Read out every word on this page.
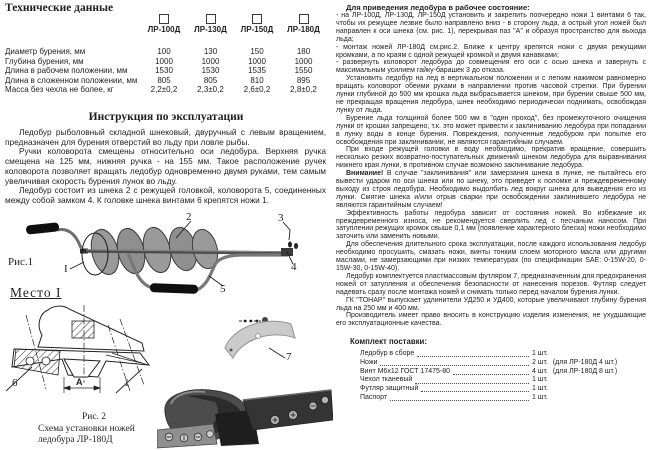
Технические данные
ЛР-100Д	ЛР-130Д	ЛР-150Д	ЛР-180Д
Диаметр бурения, мм	100	130	150	180
Глубина бурения, мм	1000	1000	1000	1000
Длина в рабочем положении, мм	1530	1530	1535	1550
Длина в сложенном положении, мм	805	805	810	895
Масса без чехла не более, кг	2,2±0,2	2,3±0,2	2,6±0,2	2,8±0,2
Инструкция по эксплуатации

Ледобур рыболовный складной шнековый, двуручный с левым вращением, предназначен для бурения отверстий во льду при ловле рыбы.

Ручки коловорота смещены относительно оси ледобура. Верхняя ручка смещена на 125 мм, нижняя ручка - на 155 мм. Такое расположение ручек коловорота позволяет вращать ледобур одновременно двумя руками, тем самым увеличивая скорость бурения лунок во льду.

Ледобур состоит из шнека 2 с режущей головкой, коловорота 5, соединенных между собой замком 4. К головке шнека винтами 6 крепятся ножи 1.

I
2	3
4
5
Рис.1
Место I
6	А	1
7
Рис. 2
Схема установки ножей
ледобура ЛР-180Д

Для приведения ледобура в рабочее состояние:

- на ЛР-100Д, ЛР-130Д, ЛР-150Д установить и закрепить поочередно ножи 1 винтами 6 так, чтобы их режущее лезвие было направлено вниз - в сторону льда, а острый угол ножей был направлен к оси шнека (см. рис. 1), перекрывая паз "А" и образуя пространство для выхода льда;

- монтаж ножей ЛР-180Д см.рис.2. Ближе к центру крепятся ножи с двумя режущими кромками, а по краям с одной режущей кромкой и двумя канавками;

- развернуть коловорот ледобура до совмещения его оси с осью шнека и завернуть с максимальным усилием гайку-барашек 3 до отказа.

Установить ледобур на лед в вертикальном положении и с легким нажимом равномерно вращать коловорот обеими руками в направлении против часовой стрелки. При бурении лунки глубиной до 500 мм крошка льда выбрасывается шнеком, при бурении свыше 500 мм, не прекращая вращения ледобура, шнек необходимо периодически поднимать, освобождая лунку от льда.

Бурение льда толщиной более 500 мм в "один проход", без промежуточного очищения лунки от крошки запрещено, т.к. это может привести к заклиниванию ледобура при попадании в лунку воды в конце бурения. Повреждения, полученные ледобуром при попытке его освобождения при заклинивании, не являются гарантийным случаем.

При входе режущей головки в воду необходимо, прекратив вращение, совершить несколько резких возвратно-поступательных движений шнеком ледобура для выравнивания нижнего края лунки, в противном случае возможно заклинивание ледобура.

Внимание! В случае "заклинивания" или замерзания шнека в лунке, не пытайтесь его вывести ударом по оси шнека или по шнеку, это приведет к поломке и преждевременному выходу из строя ледобура. Необходимо выдолбить лед вокруг шнека для выведения его из лунки. Смятие шнека и/или отрыв сварки при освобождении заклинившего ледобура не являются гарантийным случаем!

Эффективность работы ледобура зависит от состояния ножей. Во избежание их преждевременного износа, не рекомендуется сверлить лед с песчаным наносом. При затуплении режущих кромок свыше 0,1 мм (появление характерного блеска) ножи необходимо заточить или заменить новыми.

Для обеспечения длительного срока эксплуатации, после каждого использования ледобур необходимо просушить, смазать ножи, винты тонким слоем моторного масла или другими маслами, не замерзающими при низких температурах (по спецификации SAE: 0-15W-20, 0-15W-30, 0-15W-40).

Ледобур комплектуется пластмассовым футляром 7, предназначенным для предохранения ножей от затупления и обеспечения безопасности от нанесения порезов. Футляр следует надевать сразу после монтажа ножей и снимать только перед началом бурения лунки.

ГК "ТОНАР" выпускает удлинители УД250 и УД400, которые увеличивают глубину бурения льда на 250 мм и 400 мм.

Производитель имеет право вносить в конструкцию изделия изменения, не ухудшающие его эксплуатационные качества.

Комплект поставки:

Ледобур в сборе	1 шт.
Ножи	2 шт. (для ЛР-180Д 4 шт.)
Винт М6х12 ГОСТ 17475-80	4 шт. (для ЛР-180Д 8 шт.)
Чехол тканевый	1 шт.
Футляр защитный	1 шт.
Паспорт	1 шт.
